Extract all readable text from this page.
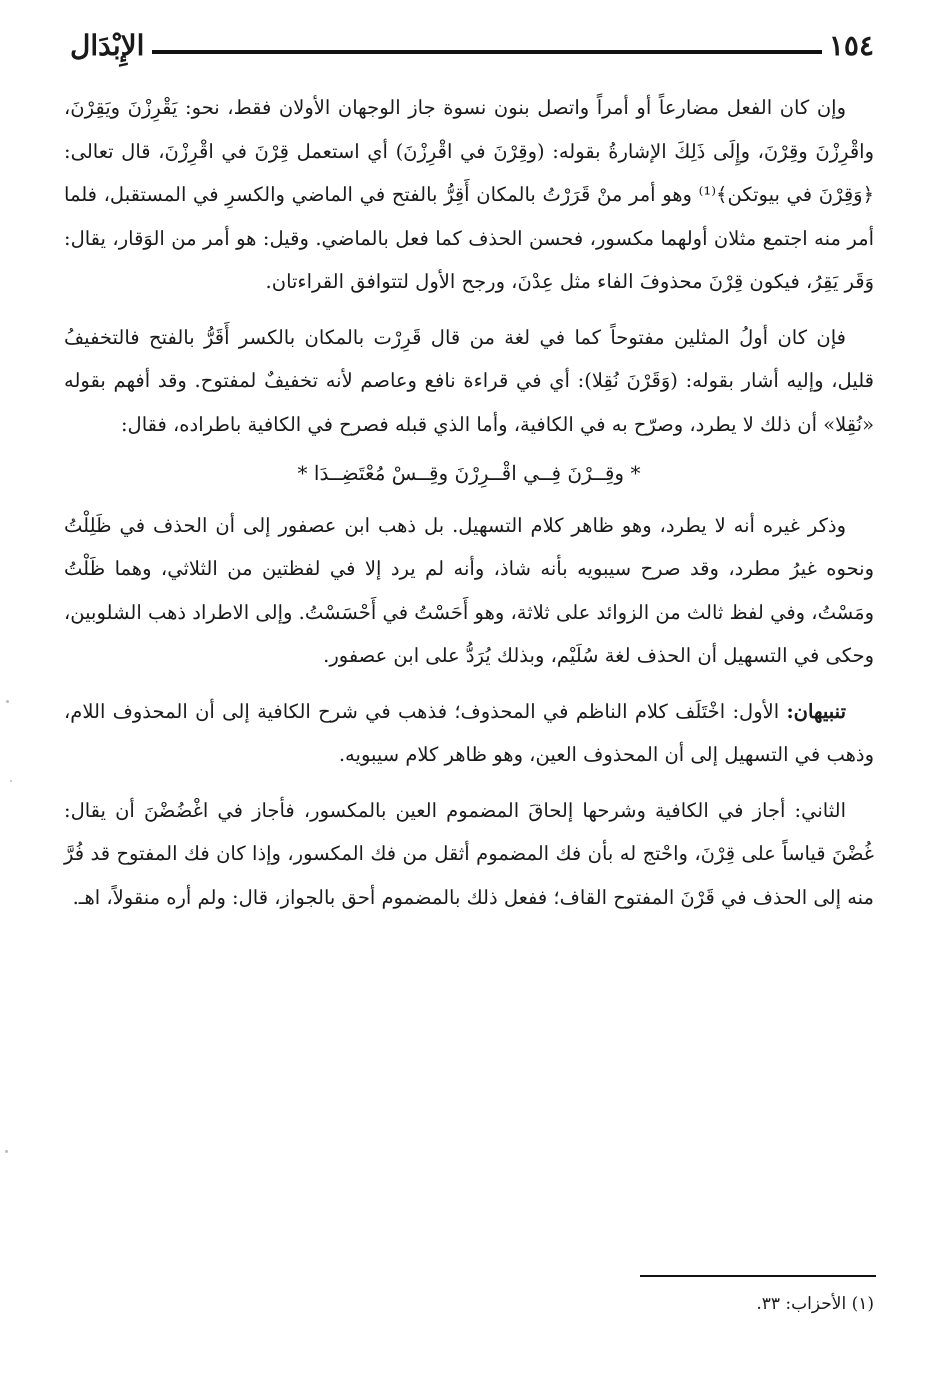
١٥٤
الإِبْدَال

وإن كان الفعل مضارعاً أو أمراً واتصل بنون نسوة جاز الوجهان الأولان فقط، نحو: يَقْرِزْنَ ويَقِرْنَ، واقْرِزْنَ وقِرْنَ، وإِلَى ذَلِكَ الإشارةُ بقوله: (وقِرْنَ في اقْرِزْنَ) أي استعمل قِرْنَ في اقْرِزْنَ، قال تعالى: ﴿وَقِرْنَ في بيوتكن﴾⁽¹⁾ وهو أمر منْ قَرَرْتُ بالمكان أَقِرُّ بالفتح في الماضي والكسرِ في المستقبل، فلما أمر منه اجتمع مثلان أولهما مكسور، فحسن الحذف كما فعل بالماضي. وقيل: هو أمر من الوَقار، يقال: وَقَر يَقِرُ، فيكون قِرْنَ محذوفَ الفاء مثل عِدْنَ، ورجح الأول لتتوافق القراءتان.

فإن كان أولُ المثلين مفتوحاً كما في لغة من قال قَرِرْت بالمكان بالكسر أَقَرُّ بالفتح فالتخفيفُ قليل، وإليه أشار بقوله: (وَقَرْنَ نُقِلا): أي في قراءة نافع وعاصم لأنه تخفيفٌ لمفتوح. وقد أفهم بقوله «نُقِلا» أن ذلك لا يطرد، وصرّح به في الكافية، وأما الذي قبله فصرح في الكافية باطراده، فقال:

* وقِــرْنَ فِــي اقْــرِرْنَ وقِــسْ مُعْتَضِــدَا *

وذكر غيره أنه لا يطرد، وهو ظاهر كلام التسهيل. بل ذهب ابن عصفور إلى أن الحذف في ظَلِلْتُ ونحوه غيرُ مطرد، وقد صرح سيبويه بأنه شاذ، وأنه لم يرد إلا في لفظتين من الثلاثي، وهما ظَلْتُ ومَسْتُ، وفي لفظ ثالث من الزوائد على ثلاثة، وهو أَحَسْتُ في أَحْسَسْتُ. وإلى الاطراد ذهب الشلوبين، وحكى في التسهيل أن الحذف لغة سُلَيْم، وبذلك يُرَدُّ على ابن عصفور.

تنبيهان: الأول: اخْتَلَف كلام الناظم في المحذوف؛ فذهب في شرح الكافية إلى أن المحذوف اللام، وذهب في التسهيل إلى أن المحذوف العين، وهو ظاهر كلام سيبويه.

الثاني: أجاز في الكافية وشرحها إلحاقَ المضموم العين بالمكسور، فأجاز في اغْضُضْنَ أن يقال: غُضْنَ قياساً على قِرْنَ، واحْتج له بأن فك المضموم أثقل من فك المكسور، وإذا كان فك المفتوح قد فُرَّ منه إلى الحذف في قَرْنَ المفتوح القاف؛ ففعل ذلك بالمضموم أحق بالجواز، قال: ولم أره منقولاً، اهـ.

(١) الأحزاب: ٣٣.
